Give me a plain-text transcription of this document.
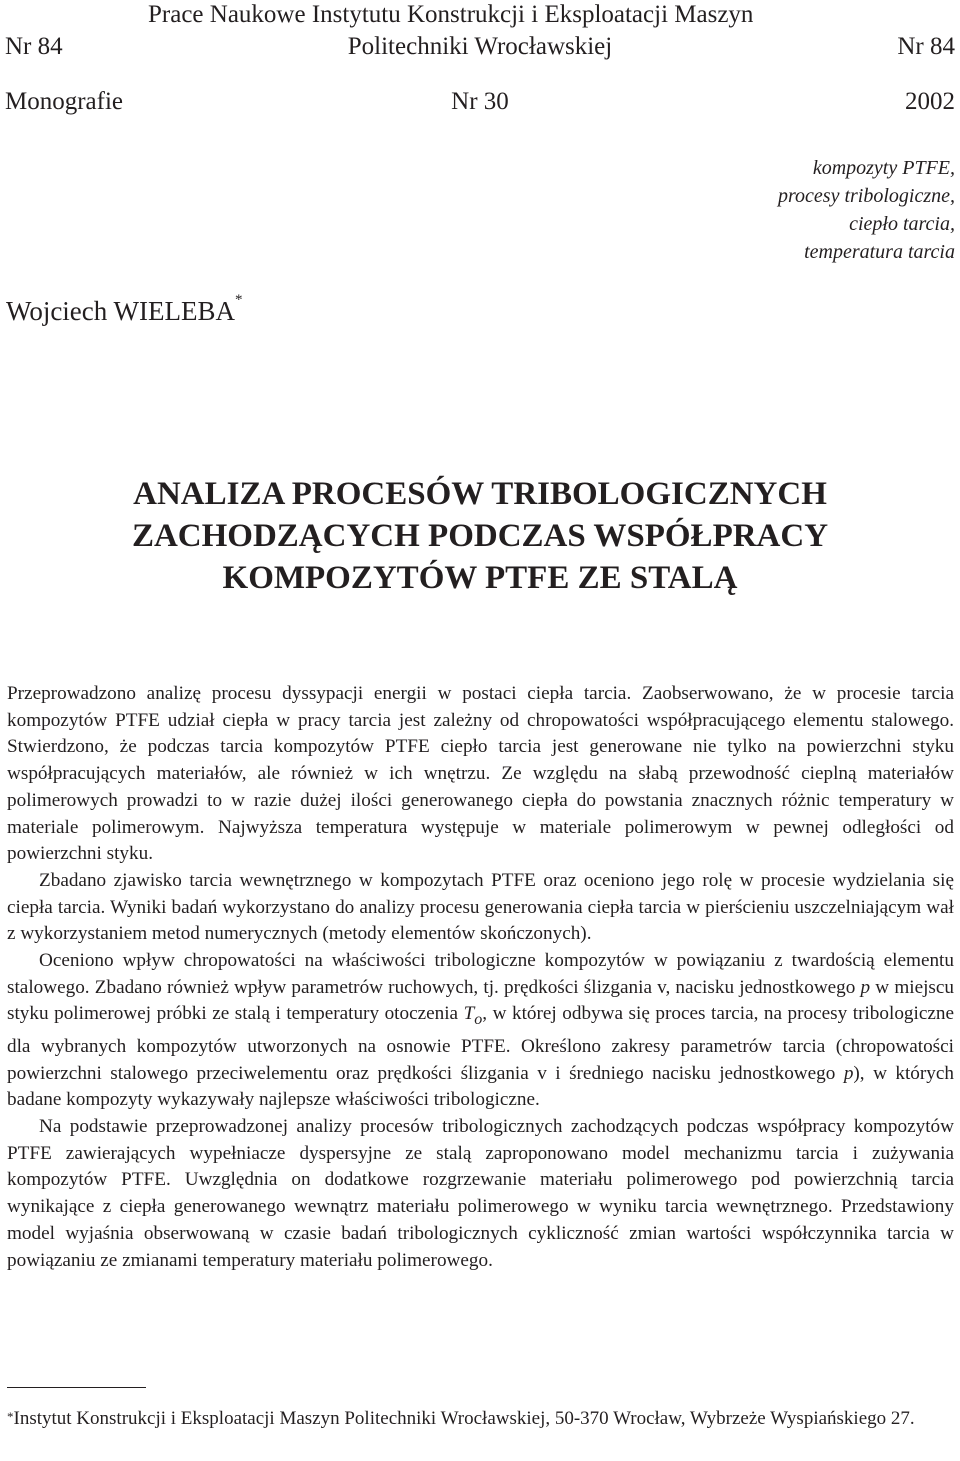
Prace Naukowe Instytutu Konstrukcji i Eksploatacji Maszyn
Nr 84	Politechniki Wrocławskiej	Nr 84
Monografie	Nr 30	2002
kompozyty PTFE,
procesy tribologiczne,
ciepło tarcia,
temperatura tarcia
Wojciech WIELEBA*
ANALIZA PROCESÓW TRIBOLOGICZNYCH
ZACHODZĄCYCH PODCZAS WSPÓŁPRACY
KOMPOZYTÓW PTFE ZE STALĄ

Przeprowadzono analizę procesu dyssypacji energii w postaci ciepła tarcia. Zaobserwowano, że w procesie tarcia kompozytów PTFE udział ciepła w pracy tarcia jest zależny od chropowatości współpracującego elementu stalowego. Stwierdzono, że podczas tarcia kompozytów PTFE ciepło tarcia jest generowane nie tylko na powierzchni styku współpracujących materiałów, ale również w ich wnętrzu. Ze względu na słabą przewodność cieplną materiałów polimerowych prowadzi to w razie dużej ilości generowanego ciepła do powstania znacznych różnic temperatury w materiale polimerowym. Najwyższa temperatura występuje w materiale polimerowym w pewnej odległości od powierzchni styku.

Zbadano zjawisko tarcia wewnętrznego w kompozytach PTFE oraz oceniono jego rolę w procesie wydzielania się ciepła tarcia. Wyniki badań wykorzystano do analizy procesu generowania ciepła tarcia w pierścieniu uszczelniającym wał z wykorzystaniem metod numerycznych (metody elementów skończonych).

Oceniono wpływ chropowatości na właściwości tribologiczne kompozytów w powiązaniu z twardością elementu stalowego. Zbadano również wpływ parametrów ruchowych, tj. prędkości ślizgania v, nacisku jednostkowego p w miejscu styku polimerowej próbki ze stalą i temperatury otoczenia $T_o$, w której odbywa się proces tarcia, na procesy tribologiczne dla wybranych kompozytów utworzonych na osnowie PTFE. Określono zakresy parametrów tarcia (chropowatości powierzchni stalowego przeciwelementu oraz prędkości ślizgania v i średniego nacisku jednostkowego p), w których badane kompozyty wykazywały najlepsze właściwości tribologiczne.

Na podstawie przeprowadzonej analizy procesów tribologicznych zachodzących podczas współpracy kompozytów PTFE zawierających wypełniacze dyspersyjne ze stalą zaproponowano model mechanizmu tarcia i zużywania kompozytów PTFE. Uwzględnia on dodatkowe rozgrzewanie materiału polimerowego pod powierzchnią tarcia wynikające z ciepła generowanego wewnątrz materiału polimerowego w wyniku tarcia wewnętrznego. Przedstawiony model wyjaśnia obserwowaną w czasie badań tribologicznych cykliczność zmian wartości współczynnika tarcia w powiązaniu ze zmianami temperatury materiału polimerowego.

*Instytut Konstrukcji i Eksploatacji Maszyn Politechniki Wrocławskiej, 50-370 Wrocław, Wybrzeże Wyspiańskiego 27.
